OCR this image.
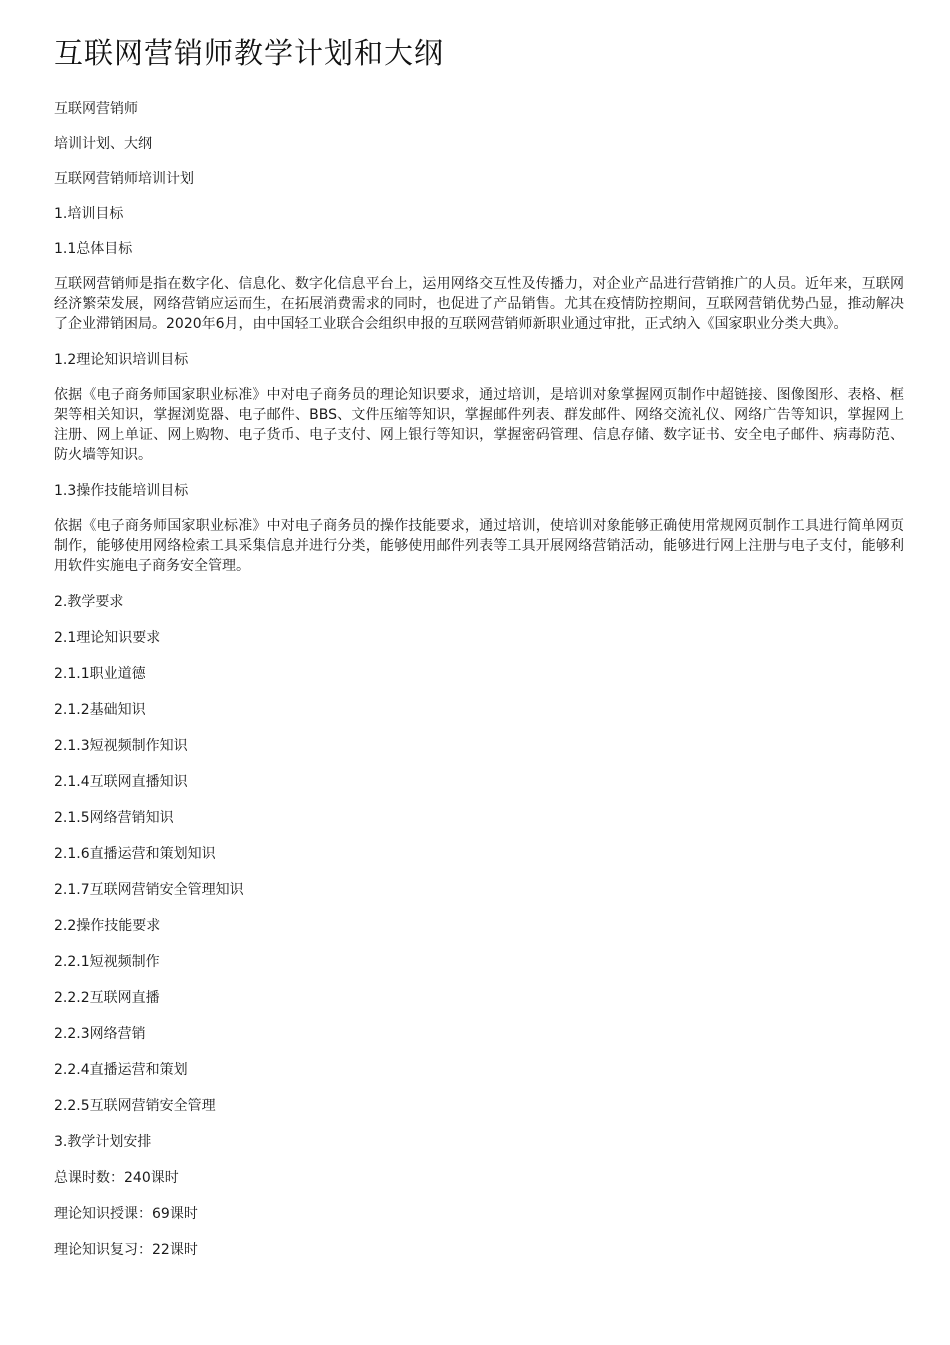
互联网营销师教学计划和大纲

互联网营销师

培训计划、大纲

互联网营销师培训计划

1.培训目标

1.1总体目标

互联网营销师是指在数字化、信息化、数字化信息平台上，运用网络交互性及传播力，对企业产品进行营销推广的人员。近年来，互联网经济繁荣发展，网络营销应运而生，在拓展消费需求的同时，也促进了产品销售。尤其在疫情防控期间，互联网营销优势凸显，推动解决了企业滞销困局。2020年6月，由中国轻工业联合会组织申报的互联网营销师新职业通过审批，正式纳入《国家职业分类大典》。

1.2理论知识培训目标

依据《电子商务师国家职业标准》中对电子商务员的理论知识要求，通过培训，是培训对象掌握网页制作中超链接、图像图形、表格、框架等相关知识，掌握浏览器、电子邮件、BBS、文件压缩等知识，掌握邮件列表、群发邮件、网络交流礼仪、网络广告等知识，掌握网上注册、网上单证、网上购物、电子货币、电子支付、网上银行等知识，掌握密码管理、信息存储、数字证书、安全电子邮件、病毒防范、防火墙等知识。

1.3操作技能培训目标

依据《电子商务师国家职业标准》中对电子商务员的操作技能要求，通过培训，使培训对象能够正确使用常规网页制作工具进行简单网页制作，能够使用网络检索工具采集信息并进行分类，能够使用邮件列表等工具开展网络营销活动，能够进行网上注册与电子支付，能够利用软件实施电子商务安全管理。

2.教学要求

2.1理论知识要求

2.1.1职业道德

2.1.2基础知识

2.1.3短视频制作知识

2.1.4互联网直播知识

2.1.5网络营销知识

2.1.6直播运营和策划知识

2.1.7互联网营销安全管理知识

2.2操作技能要求

2.2.1短视频制作

2.2.2互联网直播

2.2.3网络营销

2.2.4直播运营和策划

2.2.5互联网营销安全管理

3.教学计划安排

总课时数：240课时

理论知识授课：69课时

理论知识复习：22课时
